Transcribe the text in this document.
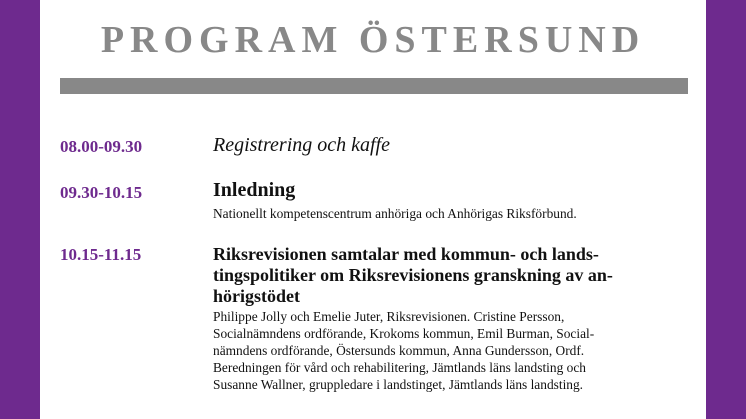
PROGRAM ÖSTERSUND
08.00-09.30	Registrering och kaffe
09.30-10.15	Inledning
Nationellt kompetenscentrum anhöriga och Anhörigas Riksförbund.
10.15-11.15	Riksrevisionen samtalar med kommun- och lands-
tingspolitiker om Riksrevisionens granskning av an-
hörigstödet
Philippe Jolly och Emelie Juter, Riksrevisionen. Cristine Persson,
Socialnämndens ordförande, Krokoms kommun, Emil Burman, Social-
nämndens ordförande, Östersunds kommun, Anna Gundersson, Ordf.
Beredningen för vård och rehabilitering, Jämtlands läns landsting och
Susanne Wallner, gruppledare i landstinget, Jämtlands läns landsting.
